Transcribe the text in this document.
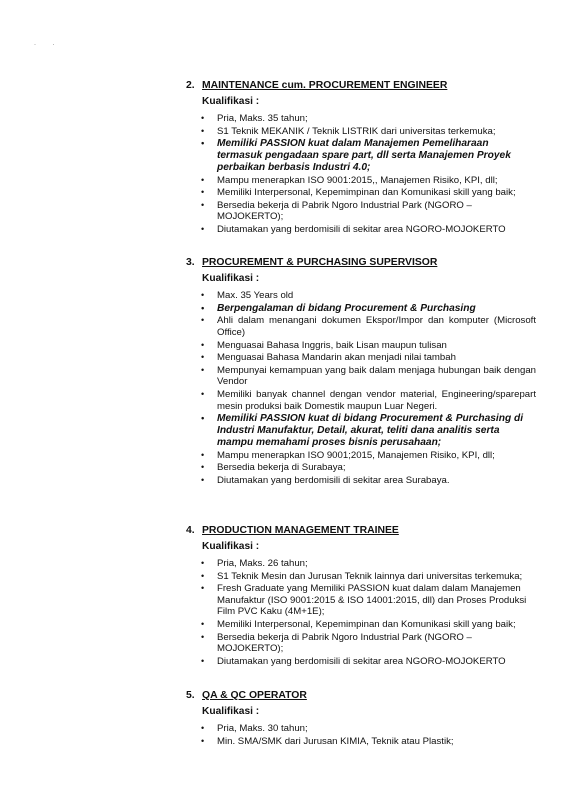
·          ·
2. MAINTENANCE cum. PROCUREMENT ENGINEER
Kualifikasi :
• Pria, Maks. 35 tahun;
• S1 Teknik MEKANIK / Teknik LISTRIK dari universitas terkemuka;
• Memiliki PASSION kuat dalam Manajemen Pemeliharaan termasuk pengadaan spare part, dll serta Manajemen Proyek perbaikan berbasis Industri 4.0;
• Mampu menerapkan ISO 9001:2015,, Manajemen Risiko, KPI, dll;
• Memiliki Interpersonal, Kepemimpinan dan Komunikasi skill yang baik;
• Bersedia bekerja di Pabrik Ngoro Industrial Park (NGORO – MOJOKERTO);
• Diutamakan yang berdomisili di sekitar area NGORO-MOJOKERTO
3. PROCUREMENT & PURCHASING SUPERVISOR
Kualifikasi :
• Max. 35 Years old
• Berpengalaman di bidang Procurement & Purchasing
• Ahli dalam menangani dokumen Ekspor/Impor dan komputer (Microsoft Office)
• Menguasai Bahasa Inggris, baik Lisan maupun tulisan
• Menguasai Bahasa Mandarin akan menjadi nilai tambah
• Mempunyai kemampuan yang baik dalam menjaga hubungan baik dengan Vendor
• Memiliki banyak channel dengan vendor material, Engineering/sparepart mesin produksi baik Domestik maupun Luar Negeri.
• Memiliki PASSION kuat di bidang Procurement & Purchasing di Industri Manufaktur, Detail, akurat, teliti dana analitis serta mampu memahami proses bisnis perusahaan;
• Mampu menerapkan ISO 9001;2015, Manajemen Risiko, KPI, dll;
• Bersedia bekerja di Surabaya;
• Diutamakan yang berdomisili di sekitar area Surabaya.
4. PRODUCTION MANAGEMENT TRAINEE
Kualifikasi :
• Pria, Maks. 26 tahun;
• S1 Teknik Mesin dan Jurusan Teknik lainnya dari universitas terkemuka;
• Fresh Graduate yang Memiliki PASSION kuat dalam dalam Manajemen Manufaktur (ISO 9001:2015 & ISO 14001:2015, dll) dan Proses Produksi Film PVC Kaku (4M+1E);
• Memiliki Interpersonal, Kepemimpinan dan Komunikasi skill yang baik;
• Bersedia bekerja di Pabrik Ngoro Industrial Park (NGORO – MOJOKERTO);
• Diutamakan yang berdomisili di sekitar area NGORO-MOJOKERTO
5. QA & QC OPERATOR
Kualifikasi :
• Pria, Maks. 30 tahun;
• Min. SMA/SMK dari Jurusan KIMIA, Teknik atau Plastik;
